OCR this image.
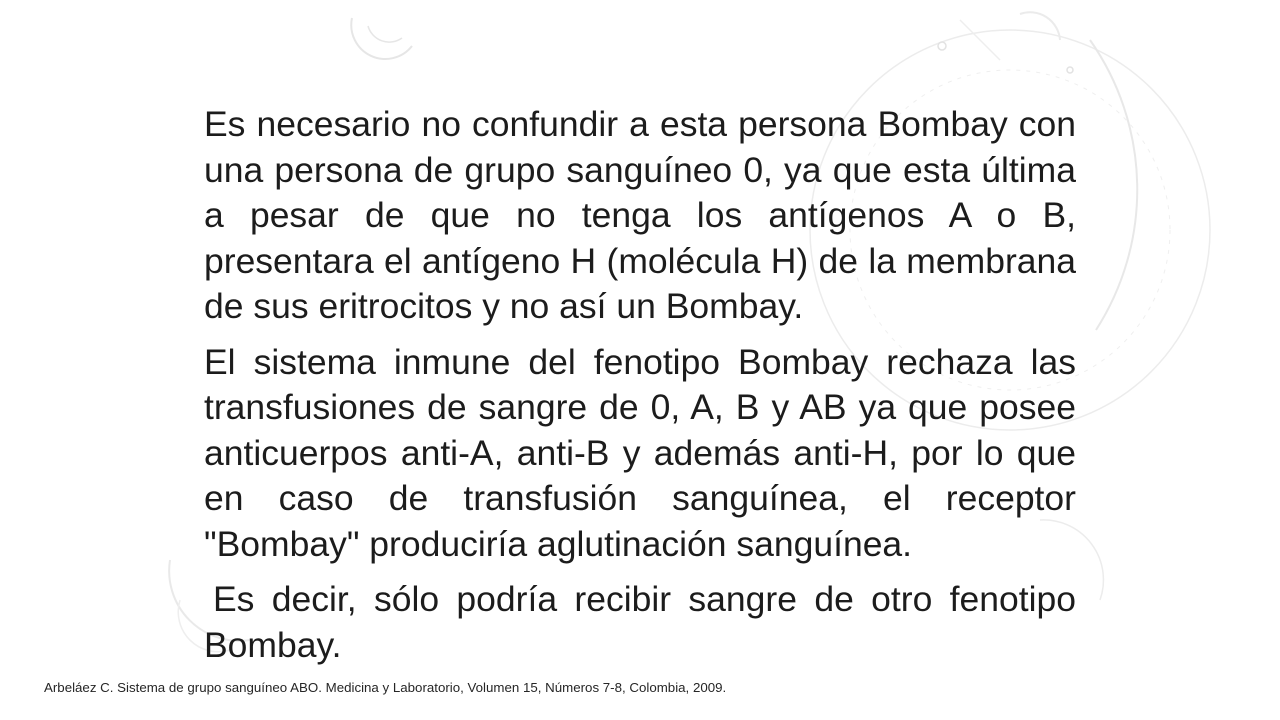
Es necesario no confundir a esta persona Bombay con una persona de grupo sanguíneo 0, ya que esta última a pesar de que no tenga los antígenos A o B, presentara el antígeno H (molécula H) de la membrana de sus eritrocitos y no así un Bombay.

El sistema inmune del fenotipo Bombay rechaza las transfusiones de sangre de 0, A, B y AB ya que posee anticuerpos anti-A, anti-B y además anti-H, por lo que en caso de transfusión sanguínea, el receptor "Bombay" produciría aglutinación sanguínea.

Es decir, sólo podría recibir sangre de otro fenotipo Bombay.

Arbeláez C. Sistema de grupo sanguíneo ABO. Medicina y Laboratorio, Volumen 15, Números 7-8, Colombia, 2009.
